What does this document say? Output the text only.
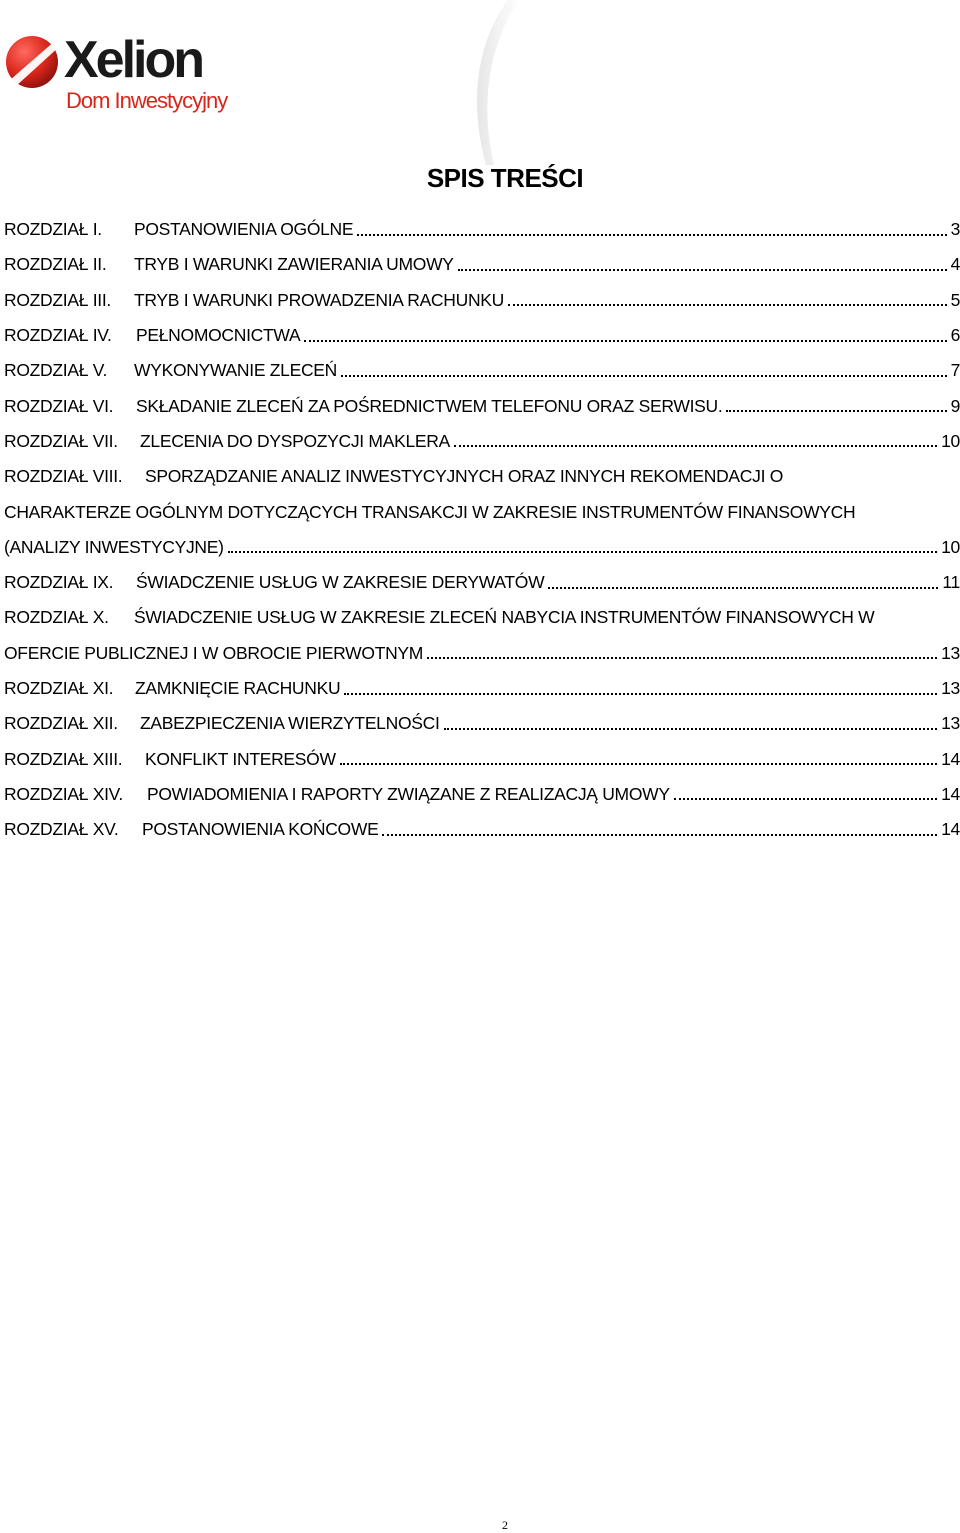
Xelion
Dom Inwestycyjny
SPIS TREŚCI
ROZDZIAŁ I.	POSTANOWIENIA OGÓLNE	3
ROZDZIAŁ II.	TRYB I WARUNKI ZAWIERANIA UMOWY	4
ROZDZIAŁ III.	TRYB I WARUNKI PROWADZENIA RACHUNKU	5
ROZDZIAŁ IV.	PEŁNOMOCNICTWA	6
ROZDZIAŁ V.	WYKONYWANIE ZLECEŃ	7
ROZDZIAŁ VI.	SKŁADANIE ZLECEŃ ZA POŚREDNICTWEM TELEFONU ORAZ SERWISU.	9
ROZDZIAŁ VII.	ZLECENIA DO DYSPOZYCJI MAKLERA	10
ROZDZIAŁ VIII.	SPORZĄDZANIE ANALIZ INWESTYCYJNYCH ORAZ INNYCH REKOMENDACJI O
CHARAKTERZE OGÓLNYM DOTYCZĄCYCH TRANSAKCJI W ZAKRESIE INSTRUMENTÓW FINANSOWYCH
(ANALIZY INWESTYCYJNE)	10
ROZDZIAŁ IX.	ŚWIADCZENIE USŁUG W ZAKRESIE DERYWATÓW	11
ROZDZIAŁ X.	ŚWIADCZENIE USŁUG W ZAKRESIE ZLECEŃ NABYCIA INSTRUMENTÓW FINANSOWYCH W
OFERCIE PUBLICZNEJ I W OBROCIE PIERWOTNYM	13
ROZDZIAŁ XI.	ZAMKNIĘCIE RACHUNKU	13
ROZDZIAŁ XII.	ZABEZPIECZENIA WIERZYTELNOŚCI	13
ROZDZIAŁ XIII.	KONFLIKT INTERESÓW	14
ROZDZIAŁ XIV.	POWIADOMIENIA I RAPORTY ZWIĄZANE Z REALIZACJĄ UMOWY	14
ROZDZIAŁ XV.	POSTANOWIENIA KOŃCOWE	14
2
